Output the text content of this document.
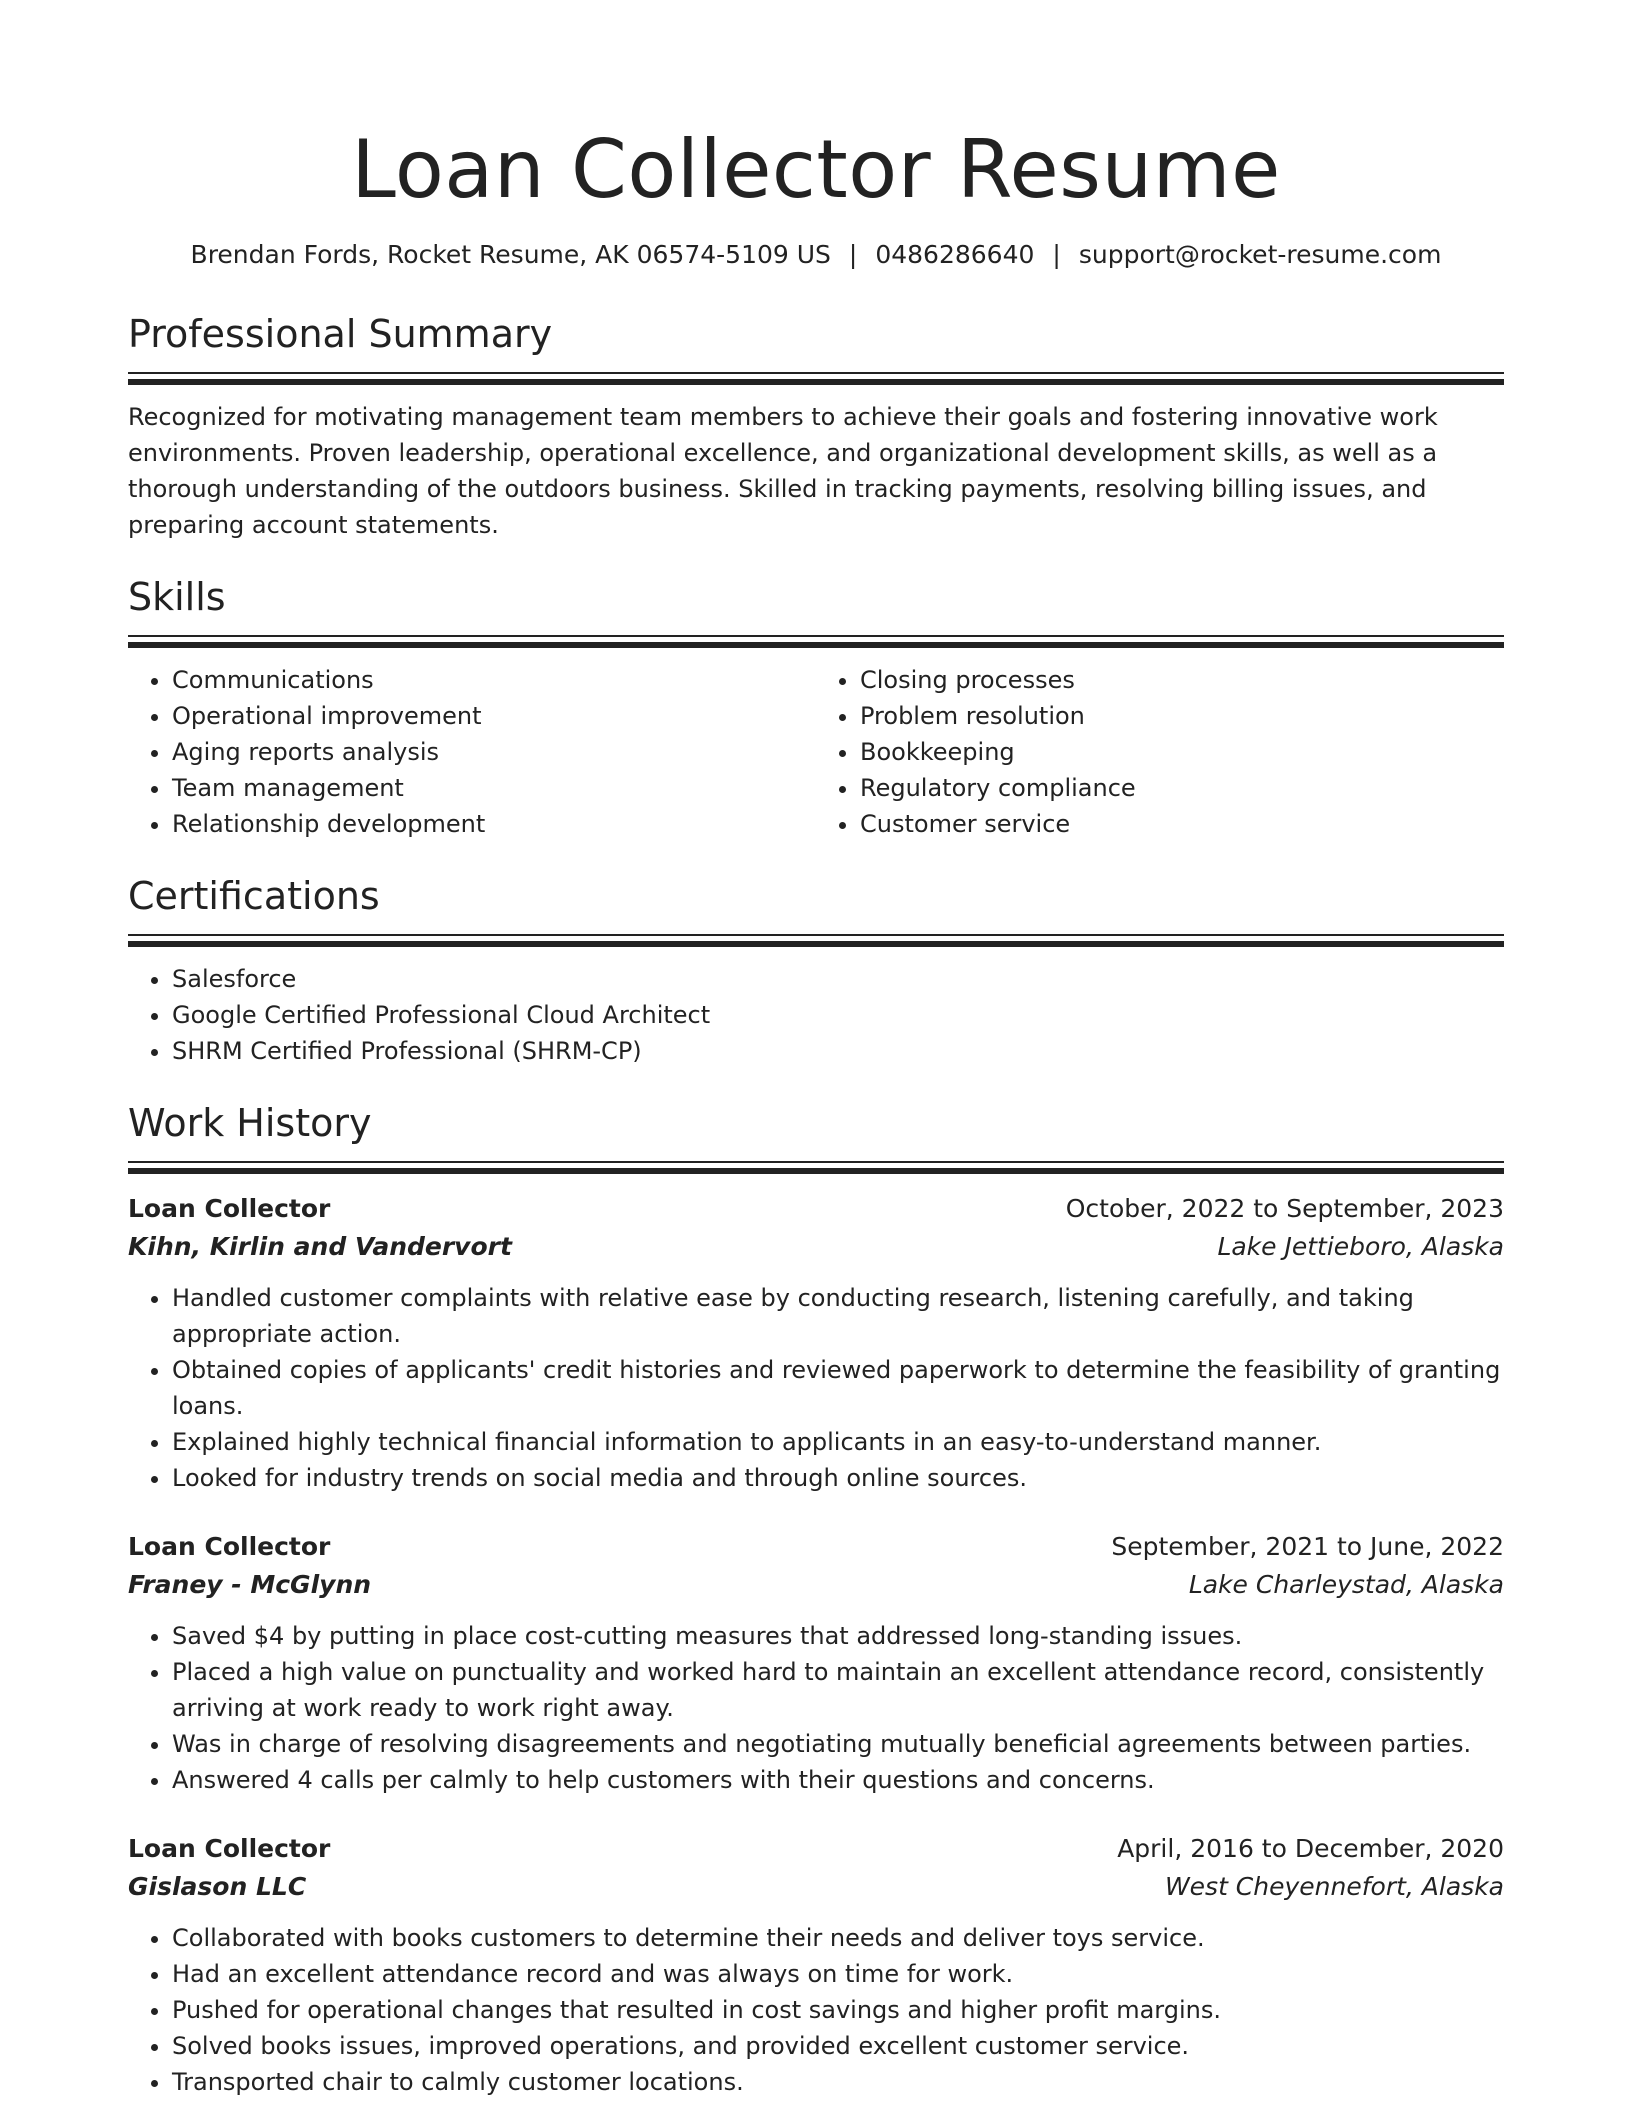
Loan Collector Resume
Brendan Fords, Rocket Resume, AK 06574-5109 US | 0486286640 | support@rocket-resume.com
Professional Summary
Recognized for motivating management team members to achieve their goals and fostering innovative work environments. Proven leadership, operational excellence, and organizational development skills, as well as a thorough understanding of the outdoors business. Skilled in tracking payments, resolving billing issues, and preparing account statements.
Skills
• Communications
• Operational improvement
• Aging reports analysis
• Team management
• Relationship development
• Closing processes
• Problem resolution
• Bookkeeping
• Regulatory compliance
• Customer service
Certifications
• Salesforce
• Google Certified Professional Cloud Architect
• SHRM Certified Professional (SHRM-CP)
Work History
Loan Collector	October, 2022 to September, 2023
Kihn, Kirlin and Vandervort	Lake Jettieboro, Alaska
• Handled customer complaints with relative ease by conducting research, listening carefully, and taking appropriate action.
• Obtained copies of applicants' credit histories and reviewed paperwork to determine the feasibility of granting loans.
• Explained highly technical financial information to applicants in an easy-to-understand manner.
• Looked for industry trends on social media and through online sources.
Loan Collector	September, 2021 to June, 2022
Franey - McGlynn	Lake Charleystad, Alaska
• Saved $4 by putting in place cost-cutting measures that addressed long-standing issues.
• Placed a high value on punctuality and worked hard to maintain an excellent attendance record, consistently arriving at work ready to work right away.
• Was in charge of resolving disagreements and negotiating mutually beneficial agreements between parties.
• Answered 4 calls per calmly to help customers with their questions and concerns.
Loan Collector	April, 2016 to December, 2020
Gislason LLC	West Cheyennefort, Alaska
• Collaborated with books customers to determine their needs and deliver toys service.
• Had an excellent attendance record and was always on time for work.
• Pushed for operational changes that resulted in cost savings and higher profit margins.
• Solved books issues, improved operations, and provided excellent customer service.
• Transported chair to calmly customer locations.
